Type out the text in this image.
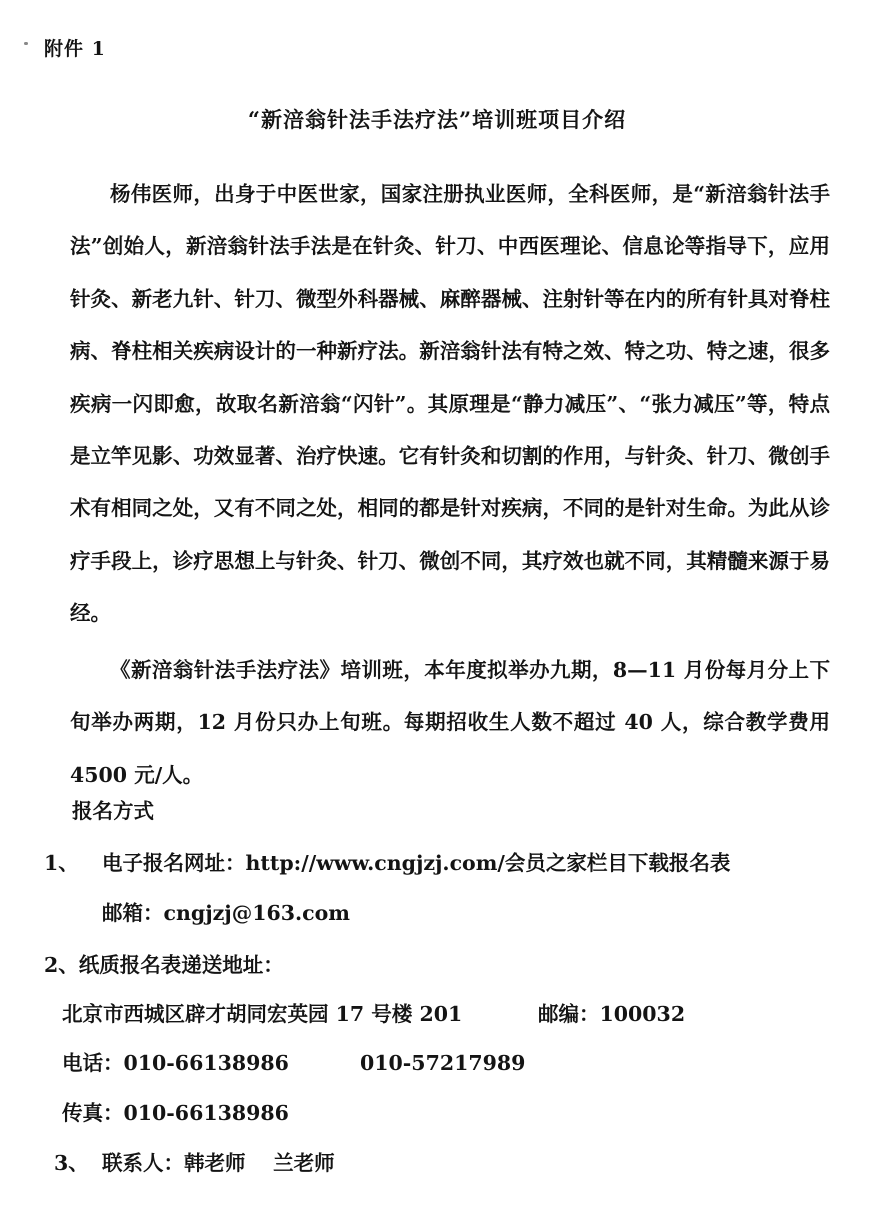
附件 1
“新涪翁针法手法疗法”培训班项目介绍

杨伟医师，出身于中医世家，国家注册执业医师，全科医师，是“新涪翁针法手法”创始人，新涪翁针法手法是在针灸、针刀、中西医理论、信息论等指导下，应用针灸、新老九针、针刀、微型外科器械、麻醉器械、注射针等在内的所有针具对脊柱病、脊柱相关疾病设计的一种新疗法。新涪翁针法有特之效、特之功、特之速，很多疾病一闪即愈，故取名新涪翁“闪针”。其原理是“静力减压”、“张力减压”等，特点是立竿见影、功效显著、治疗快速。它有针灸和切割的作用，与针灸、针刀、微创手术有相同之处，又有不同之处，相同的都是针对疾病，不同的是针对生命。为此从诊疗手段上，诊疗思想上与针灸、针刀、微创不同，其疗效也就不同，其精髓来源于易经。

《新涪翁针法手法疗法》培训班，本年度拟举办九期，8—11 月份每月分上下旬举办两期，12 月份只办上旬班。每期招收生人数不超过 40 人，综合教学费用 4500 元/人。

报名方式
1、 电子报名网址：http://www.cngjzj.com/会员之家栏目下载报名表
邮箱：cngjzj@163.com
2、纸质报名表递送地址：
北京市西城区辟才胡同宏英园 17 号楼 201	邮编：100032
电话：010-66138986	010-57217989
传真：010-66138986
3、 联系人：韩老师　 兰老师
